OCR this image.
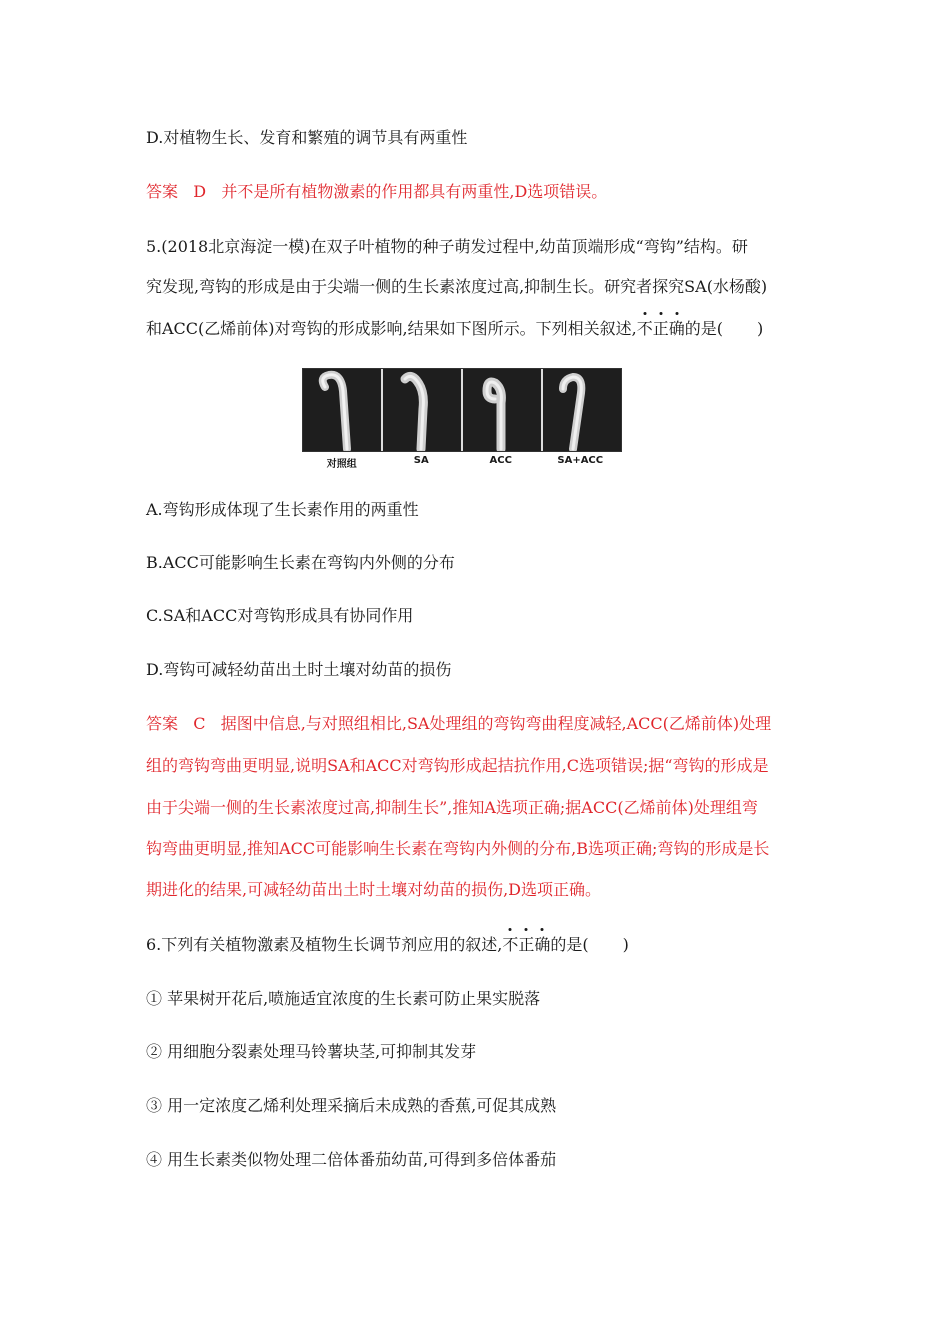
D.对植物生长、发育和繁殖的调节具有两重性
答案 D 并不是所有植物激素的作用都具有两重性,D选项错误。
5.(2018北京海淀一模)在双子叶植物的种子萌发过程中,幼苗顶端形成“弯钩”结构。研
究发现,弯钩的形成是由于尖端一侧的生长素浓度过高,抑制生长。研究者探究SA(水杨酸)
和ACC(乙烯前体)对弯钩的形成影响,结果如下图所示。下列相关叙述,不正确的是( )
对照组	SA	ACC	SA+ACC
A.弯钩形成体现了生长素作用的两重性
B.ACC可能影响生长素在弯钩内外侧的分布
C.SA和ACC对弯钩形成具有协同作用
D.弯钩可减轻幼苗出土时土壤对幼苗的损伤
答案 C 据图中信息,与对照组相比,SA处理组的弯钩弯曲程度减轻,ACC(乙烯前体)处理
组的弯钩弯曲更明显,说明SA和ACC对弯钩形成起拮抗作用,C选项错误;据“弯钩的形成是
由于尖端一侧的生长素浓度过高,抑制生长”,推知A选项正确;据ACC(乙烯前体)处理组弯
钩弯曲更明显,推知ACC可能影响生长素在弯钩内外侧的分布,B选项正确;弯钩的形成是长
期进化的结果,可减轻幼苗出土时土壤对幼苗的损伤,D选项正确。
6.下列有关植物激素及植物生长调节剂应用的叙述,不正确的是( )
① 苹果树开花后,喷施适宜浓度的生长素可防止果实脱落
② 用细胞分裂素处理马铃薯块茎,可抑制其发芽
③ 用一定浓度乙烯利处理采摘后未成熟的香蕉,可促其成熟
④ 用生长素类似物处理二倍体番茄幼苗,可得到多倍体番茄
